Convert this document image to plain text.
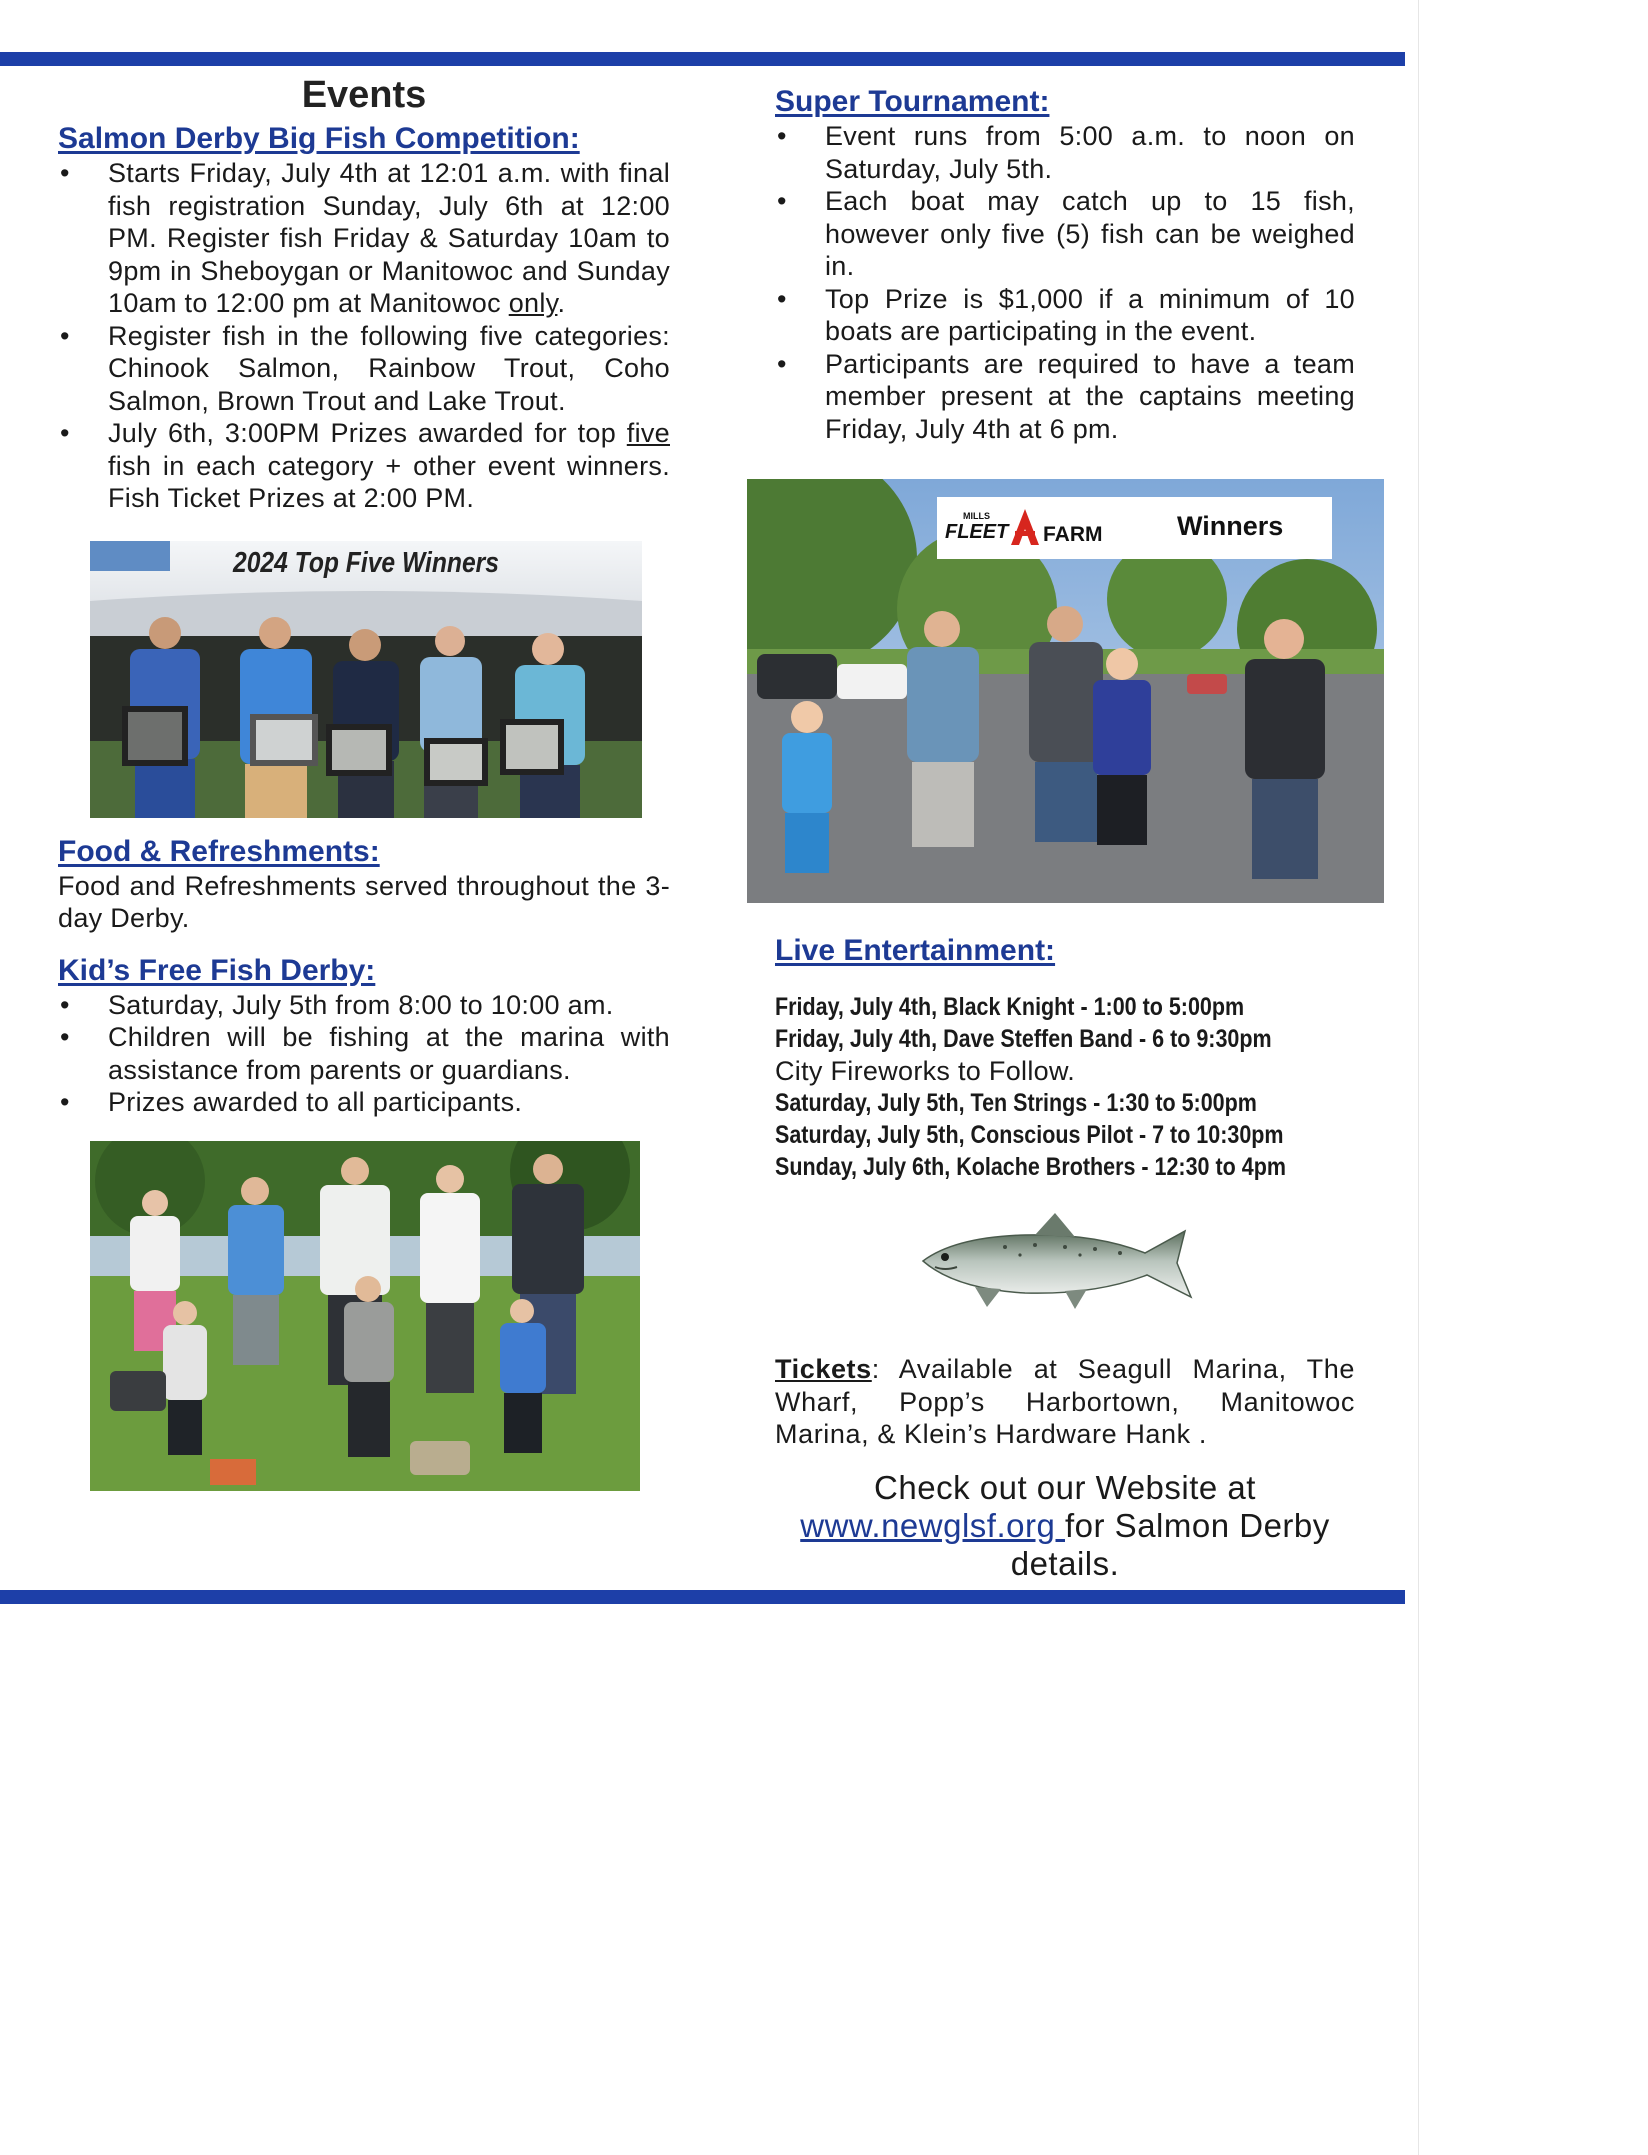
Events
Salmon Derby Big Fish Competition:
• Starts Friday, July 4th at 12:01 a.m. with final fish registration Sunday, July 6th at 12:00 PM. Register fish Friday & Saturday 10am to 9pm in Sheboygan or Manitowoc and Sunday 10am to 12:00 pm at Manitowoc only.
• Register fish in the following five categories: Chinook Salmon, Rainbow Trout, Coho Salmon, Brown Trout and Lake Trout.
• July 6th, 3:00PM Prizes awarded for top five fish in each category + other event winners. Fish Ticket Prizes at 2:00 PM.
2024 Top Five Winners
Food & Refreshments:
Food and Refreshments served throughout the 3-day Derby.
Kid’s Free Fish Derby:
• Saturday, July 5th from 8:00 to 10:00 am.
• Children will be fishing at the marina with assistance from parents or guardians.
• Prizes awarded to all participants.
Super Tournament:
• Event runs from 5:00 a.m. to noon on Saturday, July 5th.
• Each boat may catch up to 15 fish, however only five (5) fish can be weighed in.
• Top Prize is $1,000 if a minimum of 10 boats are participating in the event.
• Participants are required to have a team member present at the captains meeting Friday, July 4th at 6 pm.
MILLS
FLEET FARM	Winners
Live Entertainment:
Friday, July 4th, Black Knight - 1:00 to 5:00pm
Friday, July 4th, Dave Steffen Band - 6 to 9:30pm
City Fireworks to Follow.
Saturday, July 5th, Ten Strings - 1:30 to 5:00pm
Saturday, July 5th, Conscious Pilot - 7 to 10:30pm
Sunday, July 6th, Kolache Brothers - 12:30 to 4pm
Tickets: Available at Seagull Marina, The Wharf, Popp’s Harbortown, Manitowoc Marina, & Klein’s Hardware Hank .
Check out our Website at
www.newglsf.org for Salmon Derby details.
